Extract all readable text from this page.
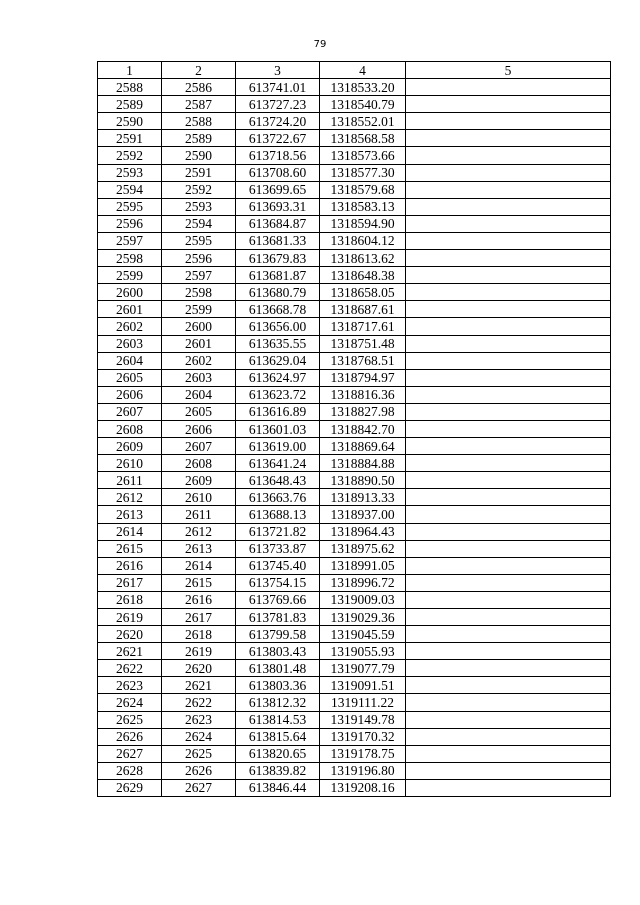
79
1	2	3	4	5
2588	2586	613741.01	1318533.20	
2589	2587	613727.23	1318540.79	
2590	2588	613724.20	1318552.01	
2591	2589	613722.67	1318568.58	
2592	2590	613718.56	1318573.66	
2593	2591	613708.60	1318577.30	
2594	2592	613699.65	1318579.68	
2595	2593	613693.31	1318583.13	
2596	2594	613684.87	1318594.90	
2597	2595	613681.33	1318604.12	
2598	2596	613679.83	1318613.62	
2599	2597	613681.87	1318648.38	
2600	2598	613680.79	1318658.05	
2601	2599	613668.78	1318687.61	
2602	2600	613656.00	1318717.61	
2603	2601	613635.55	1318751.48	
2604	2602	613629.04	1318768.51	
2605	2603	613624.97	1318794.97	
2606	2604	613623.72	1318816.36	
2607	2605	613616.89	1318827.98	
2608	2606	613601.03	1318842.70	
2609	2607	613619.00	1318869.64	
2610	2608	613641.24	1318884.88	
2611	2609	613648.43	1318890.50	
2612	2610	613663.76	1318913.33	
2613	2611	613688.13	1318937.00	
2614	2612	613721.82	1318964.43	
2615	2613	613733.87	1318975.62	
2616	2614	613745.40	1318991.05	
2617	2615	613754.15	1318996.72	
2618	2616	613769.66	1319009.03	
2619	2617	613781.83	1319029.36	
2620	2618	613799.58	1319045.59	
2621	2619	613803.43	1319055.93	
2622	2620	613801.48	1319077.79	
2623	2621	613803.36	1319091.51	
2624	2622	613812.32	1319111.22	
2625	2623	613814.53	1319149.78	
2626	2624	613815.64	1319170.32	
2627	2625	613820.65	1319178.75	
2628	2626	613839.82	1319196.80	
2629	2627	613846.44	1319208.16	
